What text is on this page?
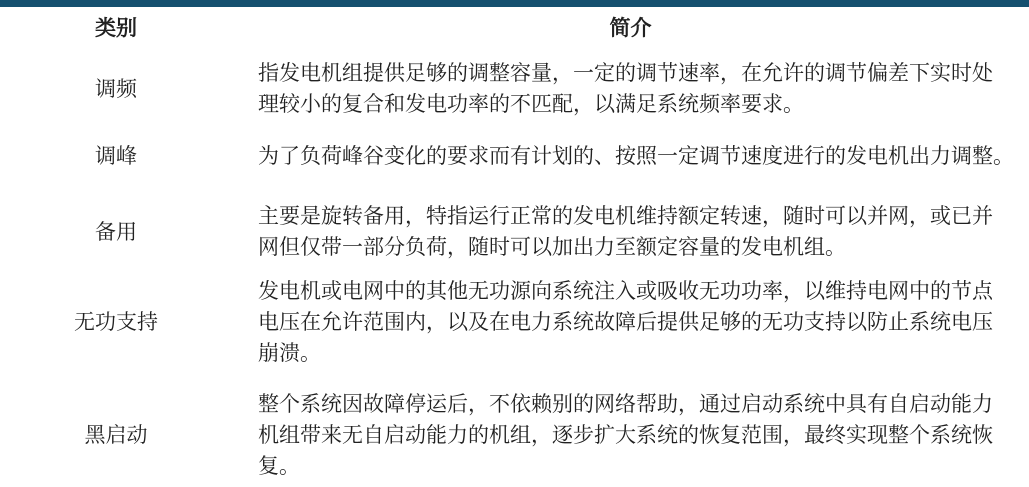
类别	简介
调频
指发电机组提供足够的调整容量，一定的调节速率，在允许的调节偏差下实时处
理较小的复合和发电功率的不匹配，以满足系统频率要求。
调峰	为了负荷峰谷变化的要求而有计划的、按照一定调节速度进行的发电机出力调整。
备用
主要是旋转备用，特指运行正常的发电机维持额定转速，随时可以并网，或已并
网但仅带一部分负荷，随时可以加出力至额定容量的发电机组。
无功支持
发电机或电网中的其他无功源向系统注入或吸收无功功率，以维持电网中的节点
电压在允许范围内，以及在电力系统故障后提供足够的无功支持以防止系统电压
崩溃。
黑启动
整个系统因故障停运后，不依赖别的网络帮助，通过启动系统中具有自启动能力
机组带来无自启动能力的机组，逐步扩大系统的恢复范围，最终实现整个系统恢
复。
